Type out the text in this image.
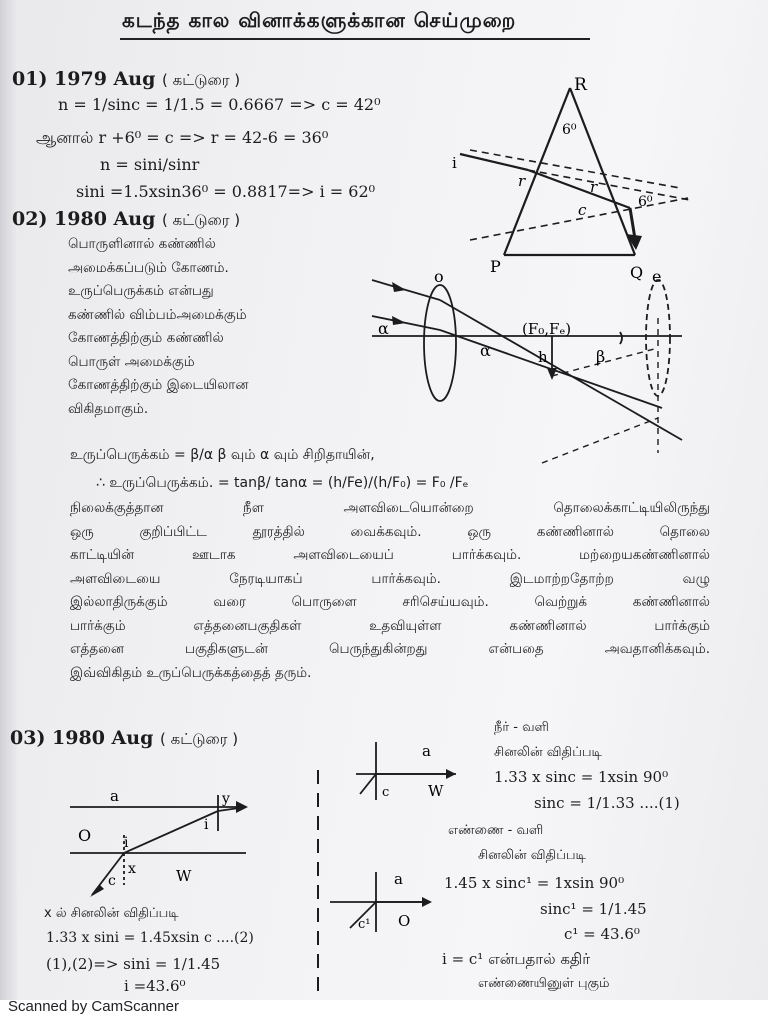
கடந்த கால வினாக்களுக்கான செய்முறை
01) 1979 Aug ( கட்டுரை )
n = 1/sinc = 1/1.5 = 0.6667 => c = 42⁰
ஆனால் r +6⁰ = c => r = 42-6 = 36⁰
n = sini/sinr
sini =1.5xsin36⁰ = 0.8817=> i = 62⁰
R
6⁰
i
r	r
c	6⁰
P	Q
02) 1980 Aug ( கட்டுரை )
பொருளினால் கண்ணில்
அமைக்கப்படும் கோணம்.
உருப்பெருக்கம் என்பது
கண்ணில் விம்பம்அமைக்கும்
கோணத்திற்கும் கண்ணில்
பொருள் அமைக்கும்
கோணத்திற்கும் இடையிலான
விகிதமாகும்.
o	e
α
α
(F₀,Fₑ)
h	β
உருப்பெருக்கம் = β/α β வும் α வும் சிறிதாயின்,
∴ உருப்பெருக்கம். = tanβ/ tanα = (h/Fe)/(h/F₀) = F₀ /Fₑ
நிலைக்குத்தான நீள அளவிடையொன்றை தொலைக்காட்டியிலிருந்து
ஒரு குறிப்பிட்ட தூரத்தில் வைக்கவும். ஒரு கண்ணினால் தொலை
காட்டியின் ஊடாக அளவிடையைப் பார்க்கவும். மற்றையகண்ணினால்
அளவிடையை நேரடியாகப் பார்க்கவும். இடமாற்றதோற்ற வழு
இல்லாதிருக்கும் வரை பொருளை சரிசெய்யவும். வெற்றுக் கண்ணினால்
பார்க்கும் எத்தனைபகுதிகள் உதவியுள்ள கண்ணினால் பார்க்கும்
எத்தனை பகுதிகளுடன் பெருந்துகின்றது என்பதை அவதானிக்கவும்.
இவ்விகிதம் உருப்பெருக்கத்தைத் தரும்.
03) 1980 Aug ( கட்டுரை )
a	y
i
O i
x
c	W
x ல் சினலின் விதிப்படி
1.33 x sini = 1.45xsin c ....(2)
(1),(2)=> sini = 1/1.45
i =43.6⁰
a
c	W
a
c¹ O
நீர் - வளி
சினலின் விதிப்படி
1.33 x sinc = 1xsin 90⁰
sinc = 1/1.33 ....(1)
எண்ணை - வளி
சினலின் விதிப்படி
1.45 x sinc¹ = 1xsin 90⁰
sinc¹ = 1/1.45
c¹ = 43.6⁰
i = c¹ என்பதால் கதிர்
எண்ணையினுள் புகும்
Scanned by CamScanner
